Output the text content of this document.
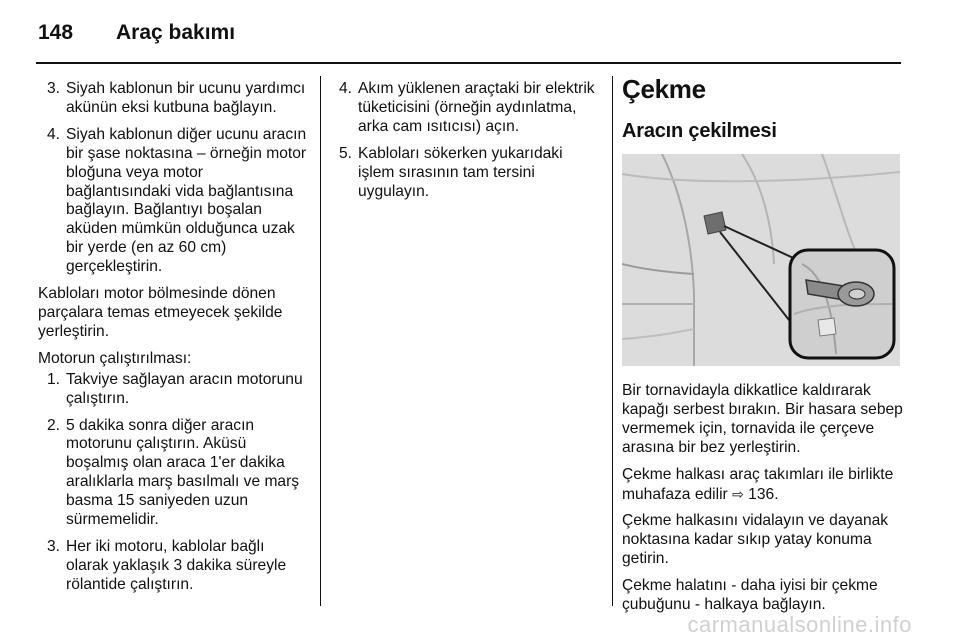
148	Araç bakımı
3. Siyah kablonun bir ucunu yardımcı akünün eksi kutbuna bağlayın.
4. Siyah kablonun diğer ucunu aracın bir şase noktasına – örneğin motor bloğuna veya motor bağlantısındaki vida bağlantısına bağlayın. Bağlantıyı boşalan aküden mümkün olduğunca uzak bir yerde (en az 60 cm) gerçekleştirin.

Kabloları motor bölmesinde dönen parçalara temas etmeyecek şekilde yerleştirin.

Motorun çalıştırılması:

1. Takviye sağlayan aracın motorunu çalıştırın.
2. 5 dakika sonra diğer aracın motorunu çalıştırın. Aküsü boşalmış olan araca 1'er dakika aralıklarla marş basılmalı ve marş basma 15 saniyeden uzun sürmemelidir.
3. Her iki motoru, kablolar bağlı olarak yaklaşık 3 dakika süreyle rölantide çalıştırın.
4. Akım yüklenen araçtaki bir elektrik tüketicisini (örneğin aydınlatma, arka cam ısıtıcısı) açın.
5. Kabloları sökerken yukarıdaki işlem sırasının tam tersini uygulayın.
Çekme
Aracın çekilmesi

Bir tornavidayla dikkatlice kaldırarak kapağı serbest bırakın. Bir hasara sebep vermemek için, tornavida ile çerçeve arasına bir bez yerleştirin.

Çekme halkası araç takımları ile birlikte muhafaza edilir ⇨ 136.

Çekme halkasını vidalayın ve dayanak noktasına kadar sıkıp yatay konuma getirin.

Çekme halatını - daha iyisi bir çekme çubuğunu - halkaya bağlayın.

carmanualsonline.info
